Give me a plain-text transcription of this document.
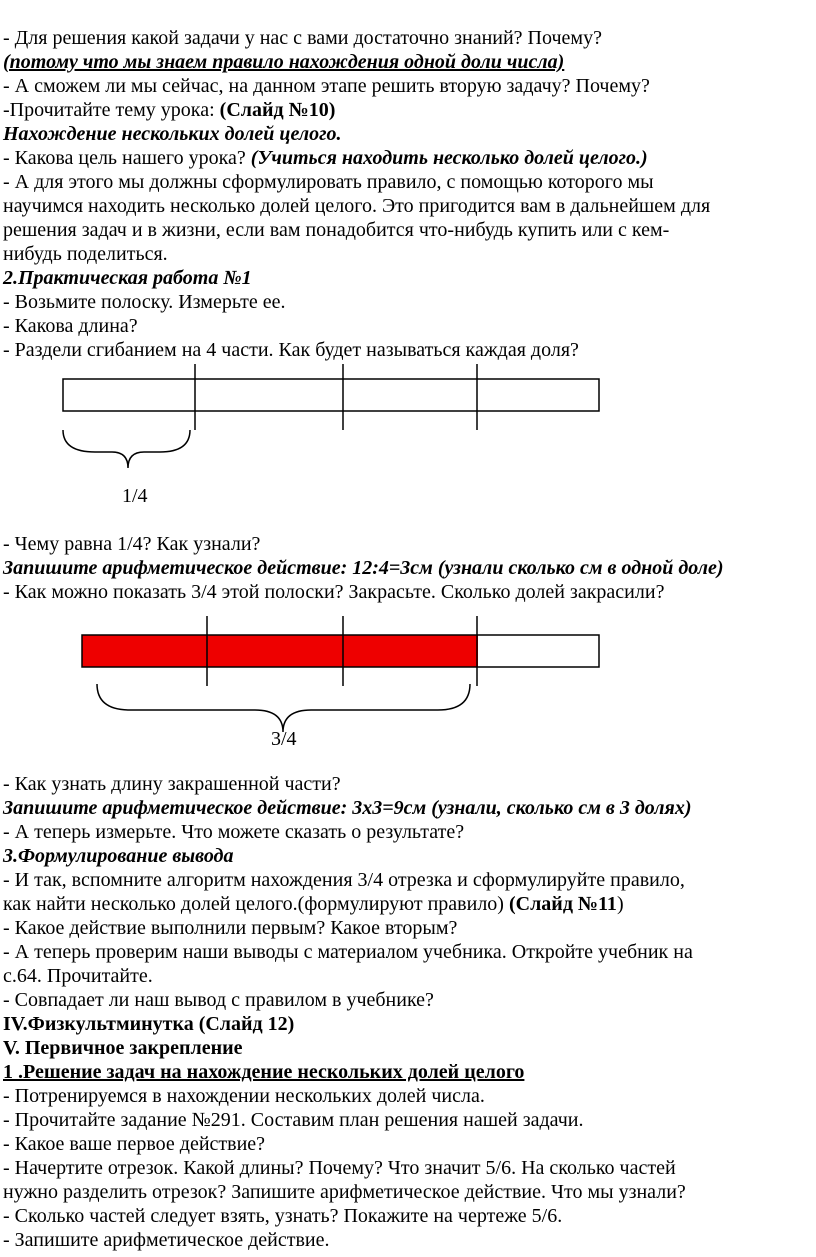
- Для решения какой задачи у нас с вами достаточно знаний? Почему?
(потому что мы знаем правило нахождения одной доли числа)
- А сможем ли мы сейчас, на данном этапе решить вторую задачу? Почему?
-Прочитайте тему урока: (Слайд №10)
Нахождение нескольких долей целого.
- Какова цель нашего урока? (Учиться находить несколько долей целого.)
- А для этого мы должны сформулировать правило, с помощью которого мы
научимся находить несколько долей целого. Это пригодится вам в дальнейшем для
решения задач и в жизни, если вам понадобится что-нибудь купить или с кем-
нибудь поделиться.
2.Практическая работа №1
- Возьмите полоску. Измерьте ее.
- Какова длина?
- Раздели сгибанием на 4 части. Как будет называться каждая доля?
- Чему равна 1/4? Как узнали?
Запишите арифметическое действие: 12:4=3см (узнали сколько см в одной доле)
- Как можно показать 3/4 этой полоски? Закрасьте. Сколько долей закрасили?
- Как узнать длину закрашенной части?
Запишите арифметическое действие: 3х3=9см (узнали, сколько см в 3 долях)
- А теперь измерьте. Что можете сказать о результате?
3.Формулирование вывода
- И так, вспомните алгоритм нахождения 3/4 отрезка и сформулируйте правило,
как найти несколько долей целого.(формулируют правило) (Слайд №11)
- Какое действие выполнили первым? Какое вторым?
- А теперь проверим наши выводы с материалом учебника. Откройте учебник на
с.64. Прочитайте.
- Совпадает ли наш вывод с правилом в учебнике?
IV.Физкультминутка (Слайд 12)
V. Первичное закрепление
1 .Решение задач на нахождение нескольких долей целого
- Потренируемся в нахождении нескольких долей числа.
- Прочитайте задание №291. Составим план решения нашей задачи.
- Какое ваше первое действие?
- Начертите отрезок. Какой длины? Почему? Что значит 5/6. На сколько частей
нужно разделить отрезок? Запишите арифметическое действие. Что мы узнали?
- Сколько частей следует взять, узнать? Покажите на чертеже 5/6.
- Запишите арифметическое действие.
1/4
3/4
